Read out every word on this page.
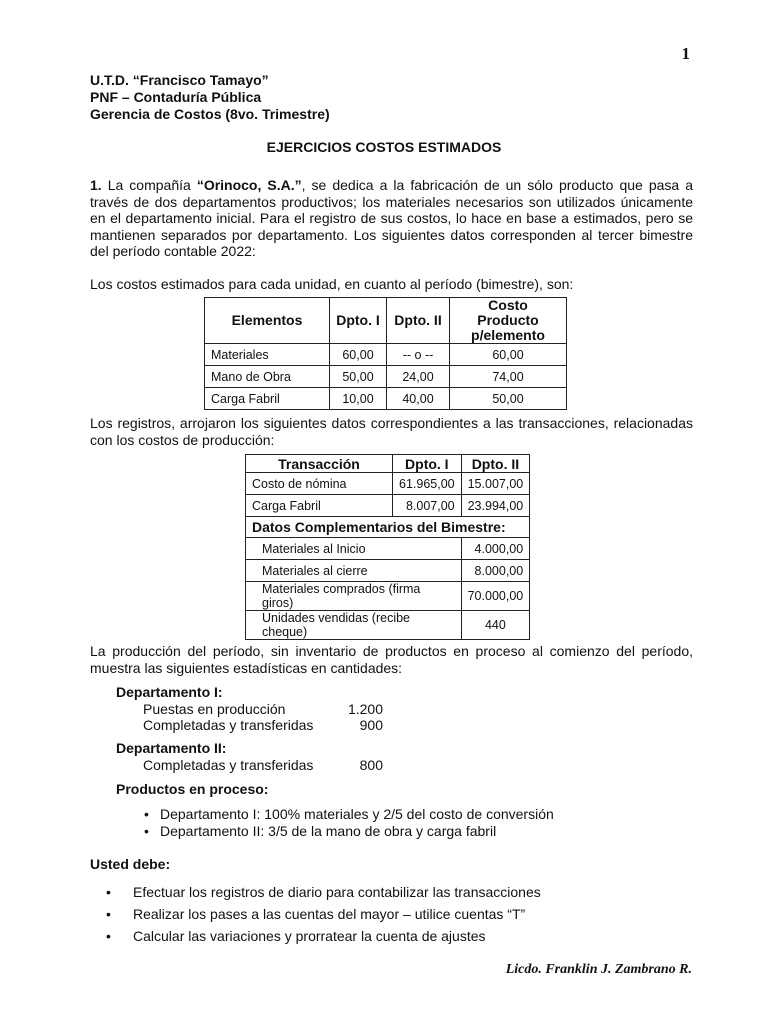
1
U.T.D. “Francisco Tamayo”
PNF – Contaduría Pública
Gerencia de Costos (8vo. Trimestre)
EJERCICIOS COSTOS ESTIMADOS
1. La compañía “Orinoco, S.A.”, se dedica a la fabricación de un sólo producto que pasa a través de dos departamentos productivos; los materiales necesarios son utilizados únicamente en el departamento inicial. Para el registro de sus costos, lo hace en base a estimados, pero se mantienen separados por departamento. Los siguientes datos corresponden al tercer bimestre del período contable 2022:
Los costos estimados para cada unidad, en cuanto al período (bimestre), son:
Elementos	Dpto. I	Dpto. II	Costo Producto p/elemento
Materiales	60,00	-- o --	60,00
Mano de Obra	50,00	24,00	74,00
Carga Fabril	10,00	40,00	50,00
Los registros, arrojaron los siguientes datos correspondientes a las transacciones, relacionadas con los costos de producción:
Transacción	Dpto. I	Dpto. II
Costo de nómina	61.965,00	15.007,00
Carga Fabril	8.007,00	23.994,00
Datos Complementarios del Bimestre:		
Materiales al Inicio		4.000,00
Materiales al cierre		8.000,00
Materiales comprados (firma giros)		70.000,00
Unidades vendidas (recibe cheque)		440
La producción del período, sin inventario de productos en proceso al comienzo del período, muestra las siguientes estadísticas en cantidades:
Departamento I:
Puestas en producción	1.200
Completadas y transferidas	900
Departamento II:
Completadas y transferidas	800
Productos en proceso:
• Departamento I: 100% materiales y 2/5 del costo de conversión
• Departamento II: 3/5 de la mano de obra y carga fabril
Usted debe:
• Efectuar los registros de diario para contabilizar las transacciones
• Realizar los pases a las cuentas del mayor – utilice cuentas “T”
• Calcular las variaciones y prorratear la cuenta de ajustes
Licdo. Franklin J. Zambrano R.
